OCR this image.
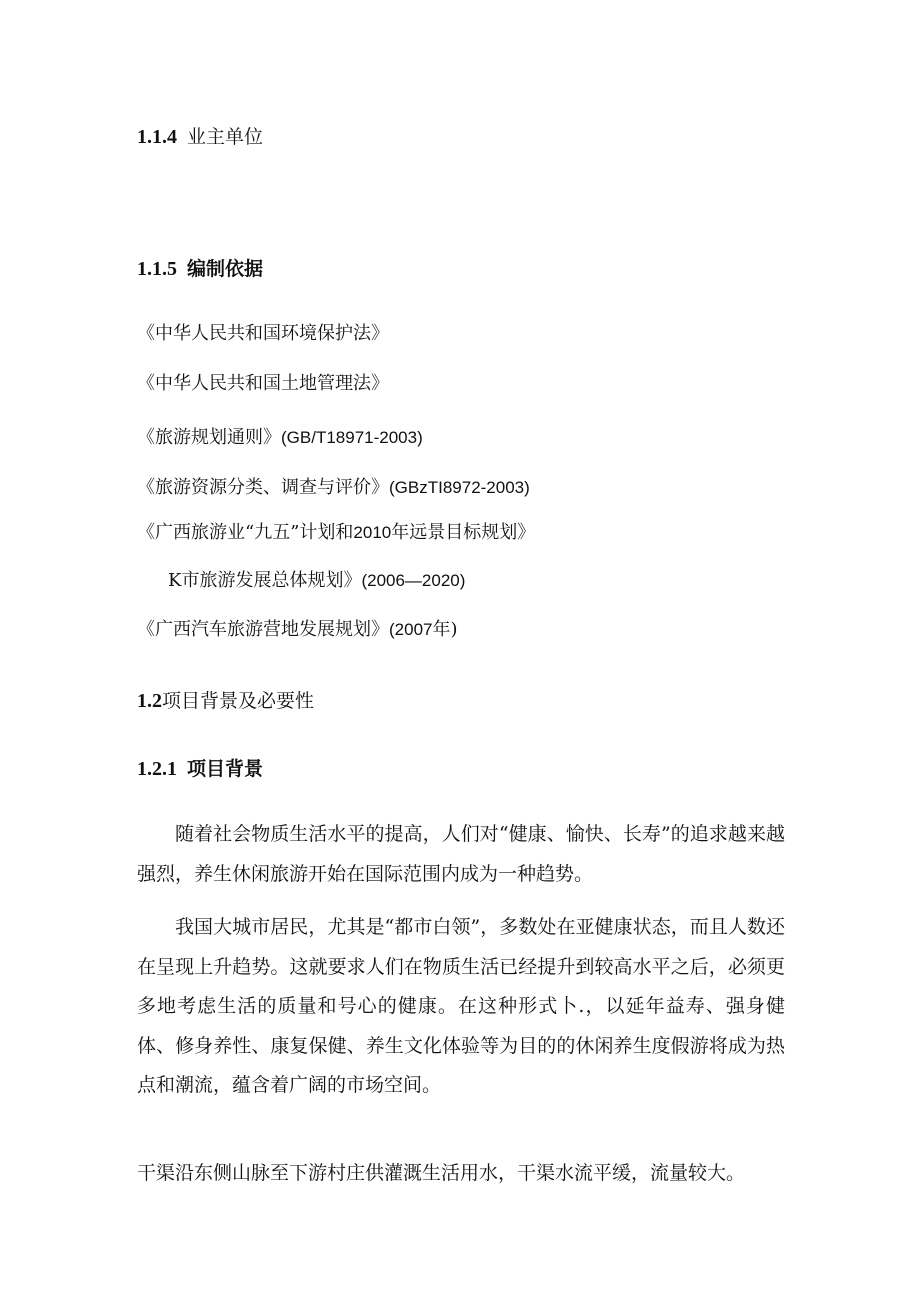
1.1.4 业主单位
1.1.5 编制依据
《中华人民共和国环境保护法》
《中华人民共和国土地管理法》
《旅游规划通则》(GB/T18971-2003)
《旅游资源分类、调查与评价》(GBzTI8972-2003)
《广西旅游业“九五”计划和2010年远景目标规划》
K市旅游发展总体规划》(2006—2020)
《广西汽车旅游营地发展规划》(2007年)
1.2项目背景及必要性
1.2.1 项目背景

随着社会物质生活水平的提高，人们对“健康、愉快、长寿”的追求越来越强烈，养生休闲旅游开始在国际范围内成为一种趋势。

我国大城市居民，尤其是“都市白领”，多数处在亚健康状态，而且人数还在呈现上升趋势。这就要求人们在物质生活已经提升到较高水平之后，必须更多地考虑生活的质量和号心的健康。在这种形式卜.，以延年益寿、强身健体、修身养性、康复保健、养生文化体验等为目的的休闲养生度假游将成为热点和潮流，蕴含着广阔的市场空间。

干渠沿东侧山脉至下游村庄供灌溉生活用水，干渠水流平缓，流量较大。
